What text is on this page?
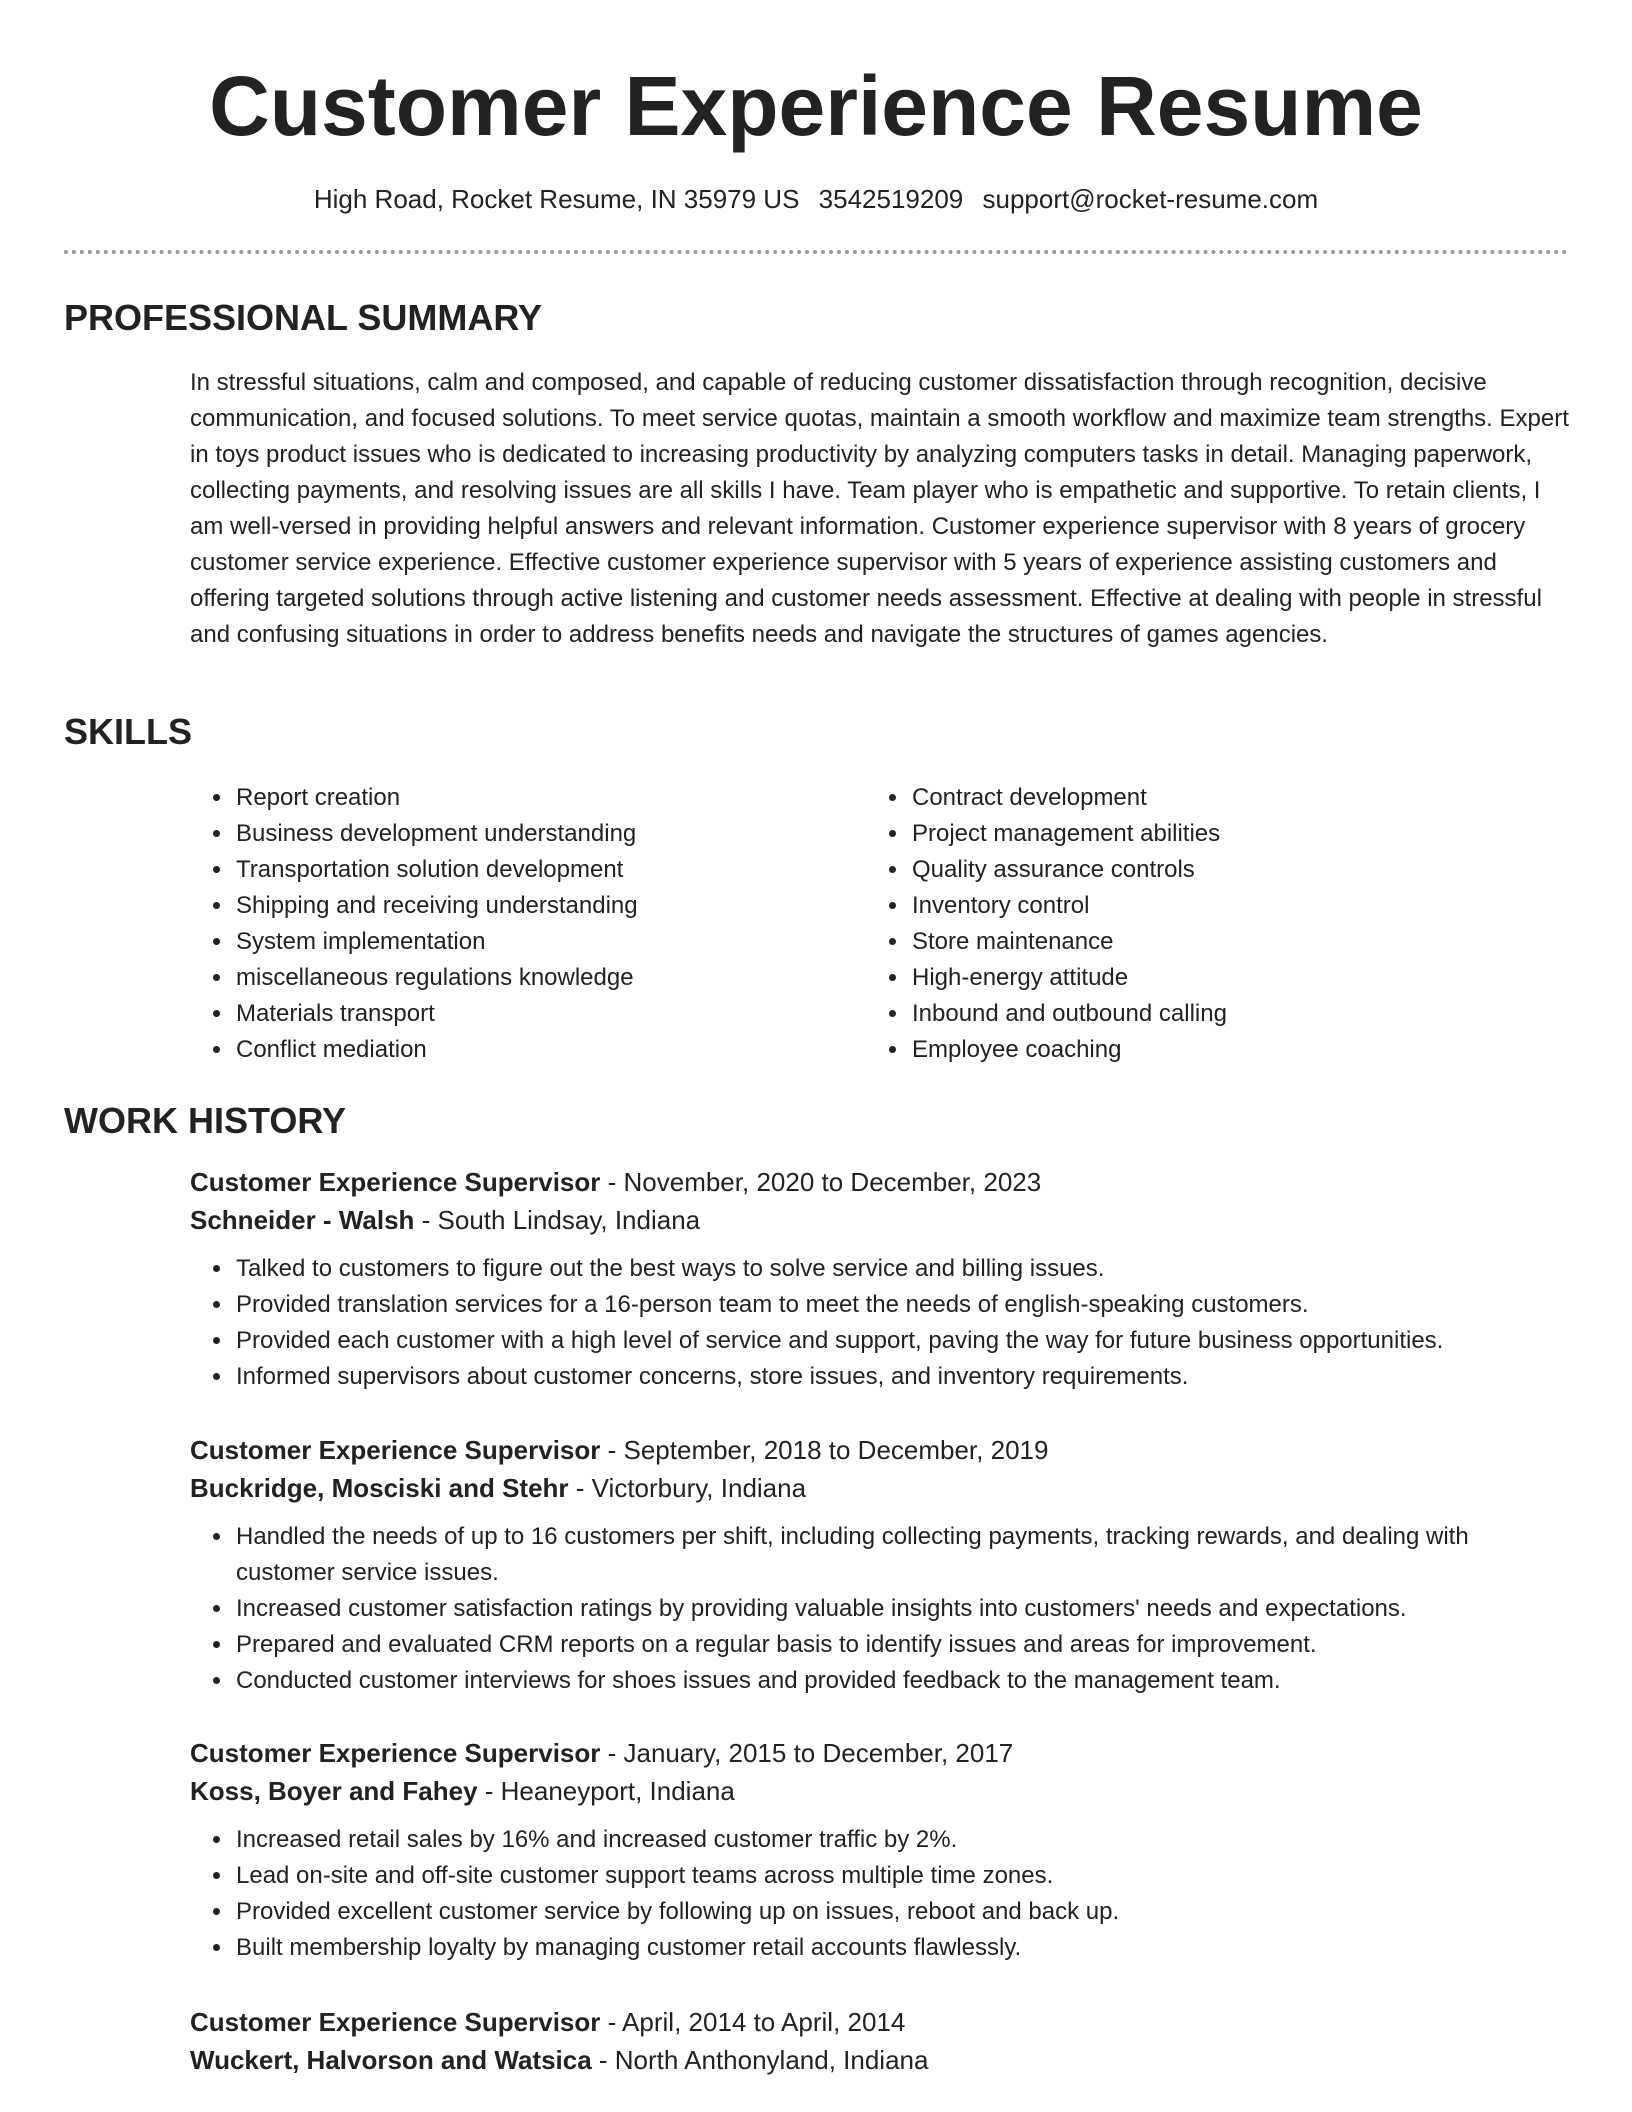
Customer Experience Resume
High Road, Rocket Resume, IN 35979 US 3542519209 support@rocket-resume.com
PROFESSIONAL SUMMARY

In stressful situations, calm and composed, and capable of reducing customer dissatisfaction through recognition, decisive communication, and focused solutions. To meet service quotas, maintain a smooth workflow and maximize team strengths. Expert in toys product issues who is dedicated to increasing productivity by analyzing computers tasks in detail. Managing paperwork, collecting payments, and resolving issues are all skills I have. Team player who is empathetic and supportive. To retain clients, I am well-versed in providing helpful answers and relevant information. Customer experience supervisor with 8 years of grocery customer service experience. Effective customer experience supervisor with 5 years of experience assisting customers and offering targeted solutions through active listening and customer needs assessment. Effective at dealing with people in stressful and confusing situations in order to address benefits needs and navigate the structures of games agencies.

SKILLS
• Report creation
• Business development understanding
• Transportation solution development
• Shipping and receiving understanding
• System implementation
• miscellaneous regulations knowledge
• Materials transport
• Conflict mediation
• Contract development
• Project management abilities
• Quality assurance controls
• Inventory control
• Store maintenance
• High-energy attitude
• Inbound and outbound calling
• Employee coaching
WORK HISTORY
Customer Experience Supervisor - November, 2020 to December, 2023
Schneider - Walsh - South Lindsay, Indiana
• Talked to customers to figure out the best ways to solve service and billing issues.
• Provided translation services for a 16-person team to meet the needs of english-speaking customers.
• Provided each customer with a high level of service and support, paving the way for future business opportunities.
• Informed supervisors about customer concerns, store issues, and inventory requirements.
Customer Experience Supervisor - September, 2018 to December, 2019
Buckridge, Mosciski and Stehr - Victorbury, Indiana
• Handled the needs of up to 16 customers per shift, including collecting payments, tracking rewards, and dealing with customer service issues.
• Increased customer satisfaction ratings by providing valuable insights into customers' needs and expectations.
• Prepared and evaluated CRM reports on a regular basis to identify issues and areas for improvement.
• Conducted customer interviews for shoes issues and provided feedback to the management team.
Customer Experience Supervisor - January, 2015 to December, 2017
Koss, Boyer and Fahey - Heaneyport, Indiana
• Increased retail sales by 16% and increased customer traffic by 2%.
• Lead on-site and off-site customer support teams across multiple time zones.
• Provided excellent customer service by following up on issues, reboot and back up.
• Built membership loyalty by managing customer retail accounts flawlessly.
Customer Experience Supervisor - April, 2014 to April, 2014
Wuckert, Halvorson and Watsica - North Anthonyland, Indiana
